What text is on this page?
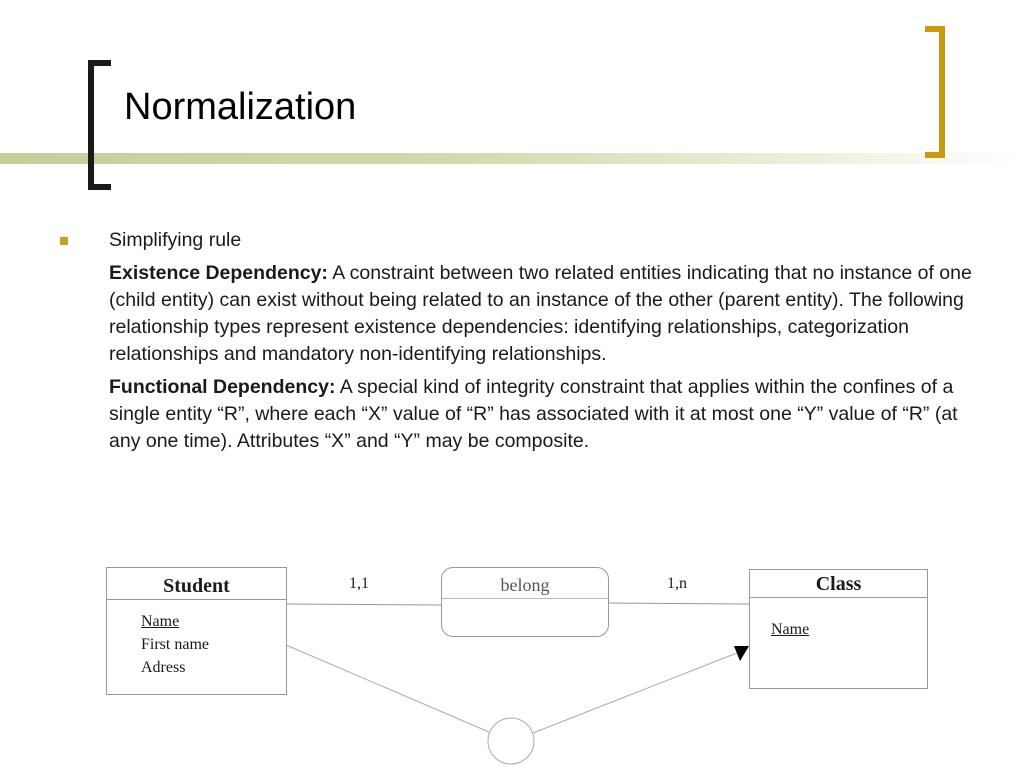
Normalization

Simplifying rule

Existence Dependency: A constraint between two related entities indicating that no instance of one (child entity) can exist without being related to an instance of the other (parent entity). The following relationship types represent existence dependencies: identifying relationships, categorization relationships and mandatory non-identifying relationships.

Functional Dependency: A special kind of integrity constraint that applies within the confines of a single entity “R”, where each “X” value of “R” has associated with it at most one “Y” value of “R” (at any one time). Attributes “X” and “Y” may be composite.

Student
Name
First name
Adress
belong	Class
Name
1,1	1,n
